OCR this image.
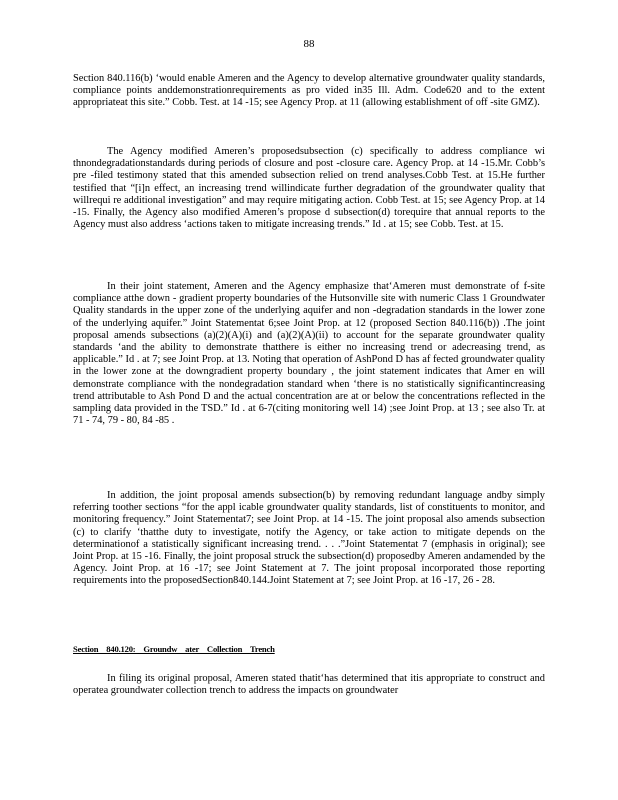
88

Section 840.116(b) ‘would enable Ameren and the Agency to develop alternative groundwater quality standards, compliance points anddemonstrationrequirements as pro vided in35 Ill. Adm. Code620 and to the extent appropriateat this site.” Cobb. Test. at 14 -15; see Agency Prop. at 11 (allowing establishment of off -site GMZ).

The Agency modified Ameren’s proposedsubsection (c) specifically to address compliance wi thnondegradationstandards during periods of closure and post -closure care. Agency Prop. at 14 -15.Mr. Cobb’s pre -filed testimony stated that this amended subsection relied on trend analyses.Cobb Test. at 15.He further testified that “[i]n effect, an increasing trend willindicate further degradation of the groundwater quality that willrequi re additional investigation” and may require mitigating action. Cobb Test. at 15; see Agency Prop. at 14 -15. Finally, the Agency also modified Ameren’s propose d subsection(d) torequire that annual reports to the Agency must also address ‘actions taken to mitigate increasing trends.” Id . at 15; see Cobb. Test. at 15.

In their joint statement, Ameren and the Agency emphasize that‘Ameren must demonstrate of f-site compliance atthe down - gradient property boundaries of the Hutsonville site with numeric Class 1 Groundwater Quality standards in the upper zone of the underlying aquifer and non -degradation standards in the lower zone of the underlying aquifer.” Joint Statementat 6;see Joint Prop. at 12 (proposed Section 840.116(b)) .The joint proposal amends subsections (a)(2)(A)(i) and (a)(2)(A)(ii) to account for the separate groundwater quality standards ‘and the ability to demonstrate thatthere is either no increasing trend or adecreasing trend, as applicable.” Id . at 7; see Joint Prop. at 13. Noting that operation of AshPond D has af fected groundwater quality in the lower zone at the downgradient property boundary , the joint statement indicates that Amer en will demonstrate compliance with the nondegradation standard when ‘there is no statistically significantincreasing trend attributable to Ash Pond D and the actual concentration are at or below the concentrations reflected in the sampling data provided in the TSD.” Id . at 6-7(citing monitoring well 14) ;see Joint Prop. at 13 ; see also Tr. at 71 - 74, 79 - 80, 84 -85 .

In addition, the joint proposal amends subsection(b) by removing redundant language andby simply referring toother sections “for the appl icable groundwater quality standards, list of constituents to monitor, and monitoring frequency.” Joint Statementat7; see Joint Prop. at 14 -15. The joint proposal also amends subsection (c) to clarify ‘thatthe duty to investigate, notify the Agency, or take action to mitigate depends on the determinationof a statistically significant increasing trend. . . .”Joint Statementat 7 (emphasis in original); see Joint Prop. at 15 -16. Finally, the joint proposal struck the subsection(d) proposedby Ameren andamended by the Agency. Joint Prop. at 16 -17; see Joint Statement at 7. The joint proposal incorporated those reporting requirements into the proposedSection840.144.Joint Statement at 7; see Joint Prop. at 16 -17, 26 - 28.

Section 840.120: Groundw ater Collection Trench

In filing its original proposal, Ameren stated thatit‘has determined that itis appropriate to construct and operatea groundwater collection trench to address the impacts on groundwater
